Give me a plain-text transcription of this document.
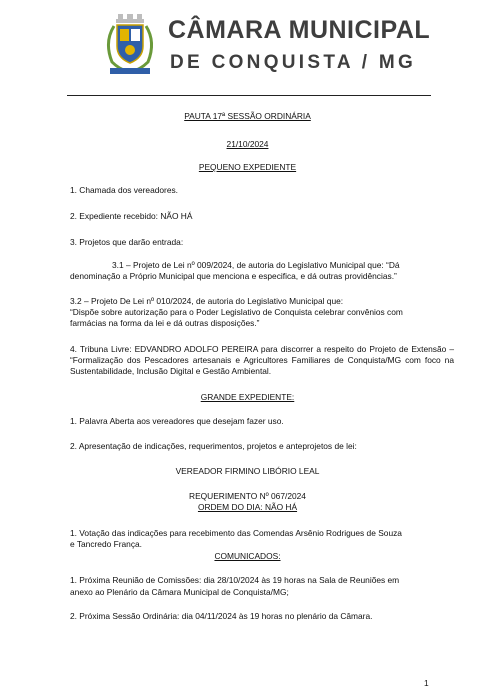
CÂMARA MUNICIPAL
DE CONQUISTA / MG
PAUTA 17ª SESSÃO ORDINÁRIA
21/10/2024
PEQUENO EXPEDIENTE
1. Chamada dos vereadores.
2. Expediente recebido: NÃO HÁ
3. Projetos que darão entrada:
3.1 – Projeto de Lei nº 009/2024, de autoria do Legislativo Municipal que: “Dá
denominação a Próprio Municipal que menciona e especifica, e dá outras providências.”
3.2 – Projeto De Lei nº 010/2024, de autoria do Legislativo Municipal que:
“Dispõe sobre autorização para o Poder Legislativo de Conquista celebrar convênios com
farmácias na forma da lei e dá outras disposições.”
4. Tribuna Livre: EDVANDRO ADOLFO PEREIRA para discorrer a respeito do Projeto de Extensão – “Formalização dos Pescadores artesanais e Agricultores Familiares de Conquista/MG com foco na Sustentabilidade, Inclusão Digital e Gestão Ambiental.
GRANDE EXPEDIENTE:
1. Palavra Aberta aos vereadores que desejam fazer uso.
2. Apresentação de indicações, requerimentos, projetos e anteprojetos de lei:
VEREADOR FIRMINO LIBÓRIO LEAL
REQUERIMENTO Nº 067/2024
ORDEM DO DIA: NÃO HÁ
1. Votação das indicações para recebimento das Comendas Arsênio Rodrigues de Souza
e Tancredo França.
COMUNICADOS:
1. Próxima Reunião de Comissões: dia 28/10/2024 às 19 horas na Sala de Reuniões em
anexo ao Plenário da Câmara Municipal de Conquista/MG;
2. Próxima Sessão Ordinária: dia 04/11/2024 às 19 horas no plenário da Câmara.
1
